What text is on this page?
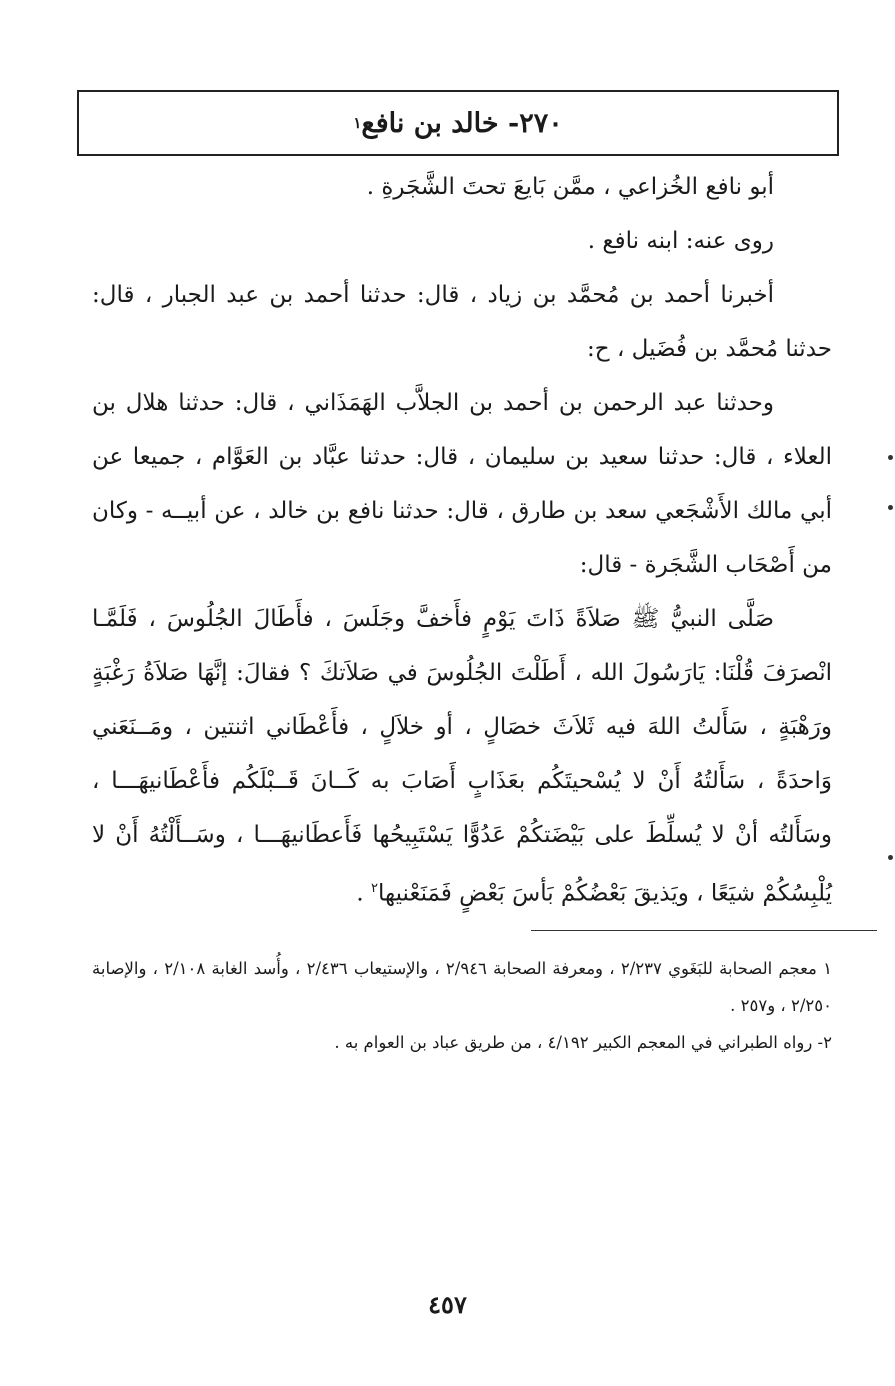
٢٧٠- خالد بن نافع
١

أبو نافع الخُزاعي ، ممَّن بَايعَ تحتَ الشَّجَرةِ .

روى عنه: ابنه نافع .

أخبرنا أحمد بن مُحمَّد بن زياد ، قال: حدثنا أحمد بن عبد الجبار ، قال: حدثنا مُحمَّد بن فُضَيل ، ح:

وحدثنا عبد الرحمن بن أحمد بن الجلاَّب الهَمَذَاني ، قال: حدثنا هلال بن العلاء ، قال: حدثنا سعيد بن سليمان ، قال: حدثنا عبَّاد بن العَوَّام ، جميعا عن أبي مالك الأَشْجَعي سعد بن طارق ، قال: حدثنا نافع بن خالد ، عن أبيــه - وكان من أَصْحَاب الشَّجَرة - قال:

صَلَّى النبيُّ ﷺ صَلاَةً ذَاتَ يَوْمٍ فأَخفَّ وجَلَسَ ، فأَطَالَ الجُلُوسَ ، فَلَمَّـا انْصرَفَ قُلْنَا: يَارَسُولَ الله ، أَطَلْتَ الجُلُوسَ في صَلاَتكَ ؟ فقالَ: إنَّهَا صَلاَةُ رَغْبَةٍ ورَهْبَةٍ ، سَأَلتُ اللهَ فيه ثَلاَثَ خصَالٍ ، أو خلاَلٍ ، فأَعْطَاني اثنتين ، ومَــنَعَني وَاحدَةً ، سَأَلتُهُ أَنْ لا يُسْحيتَكُم بعَذَابٍ أَصَابَ به كَــانَ قَــبْلَكُم فأَعْطَانيهَـــا ، وسَأَلتُه أنْ لا يُسلِّطَ على بَيْضَتكُمْ عَدُوًّا يَسْتَبِيحُها فَأَعطَانيهَـــا ، وسَــأَلْتُهُ أَنْ لا يُلْبِسُكُمْ شيَعًا ، ويَذيقَ بَعْضُكُمْ بَأسَ بَعْضٍ فَمَنَعْنيها$^٢$ .

١ معجم الصحابة للبَغَوي ٢/٢٣٧ ، ومعرفة الصحابة ٢/٩٤٦ ، والإستيعاب ٢/٤٣٦ ، وأُسد الغابة ٢/١٠٨ ، والإصابة ٢/٢٥٠ ، و٢٥٧ .

٢- رواه الطبراني في المعجم الكبير ٤/١٩٢ ، من طريق عباد بن العوام به .

٤٥٧
